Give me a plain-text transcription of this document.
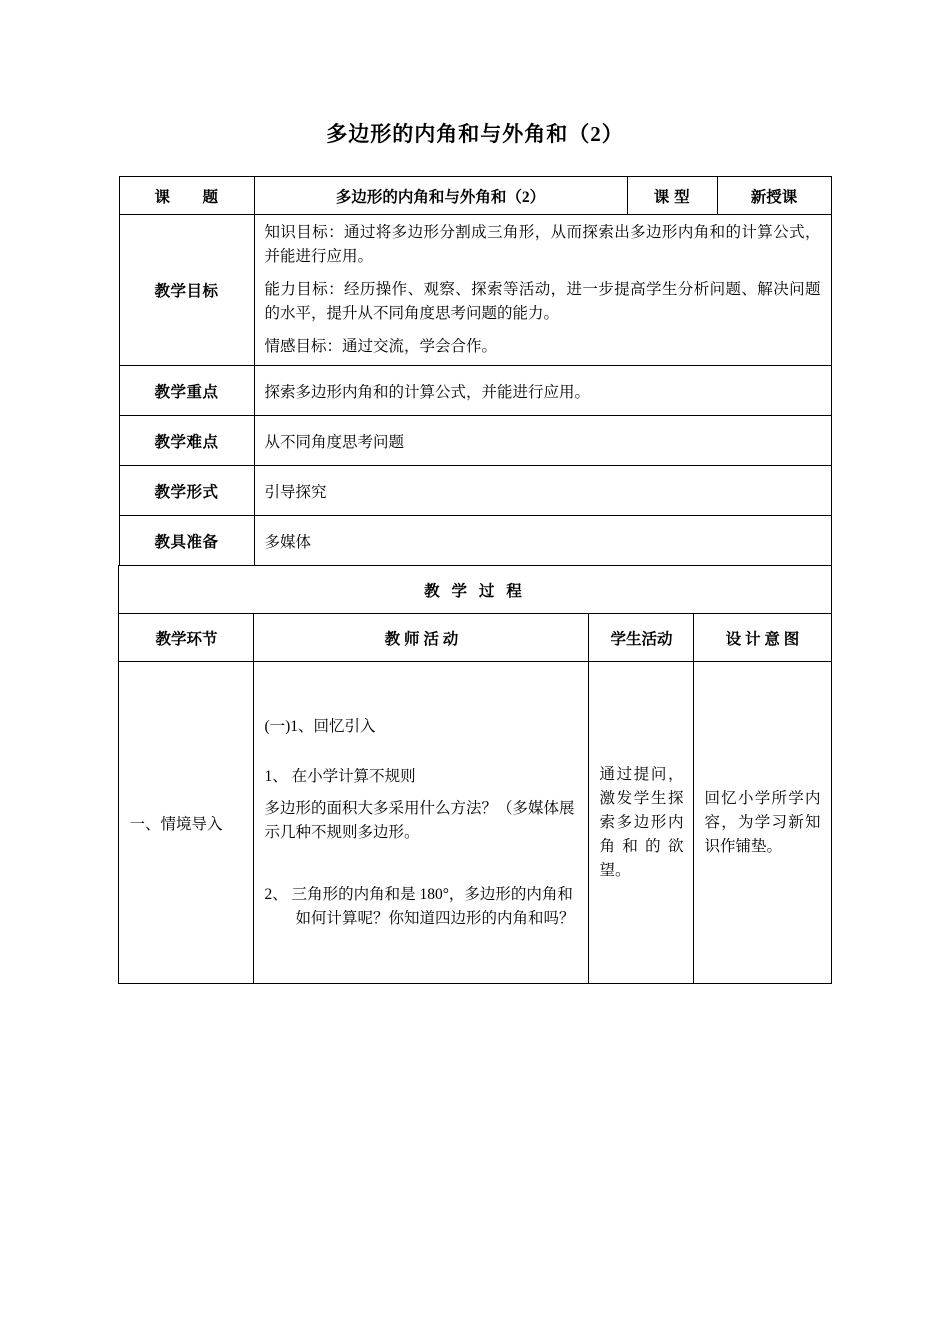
多边形的内角和与外角和（2）
课　　题	多边形的内角和与外角和（2）	课 型	新授课
教学目标	知识目标：通过将多边形分割成三角形，从而探索出多边形内角和的计算公式，并能进行应用。

能力目标：经历操作、观察、探索等活动，进一步提高学生分析问题、解决问题的水平，提升从不同角度思考问题的能力。

情感目标：通过交流，学会合作。

教学重点	探索多边形内角和的计算公式，并能进行应用。
教学难点	从不同角度思考问题
教学形式	引导探究
教具准备	多媒体
教 学 过 程			
教学环节	教 师 活 动	学生活动	设 计 意 图
一、情境导入	(一)1、回忆引入

1、 在小学计算不规则

多边形的面积大多采用什么方法？（多媒体展示几种不规则多边形。

2、 三角形的内角和是 180°，多边形的内角和如何计算呢？你知道四边形的内角和吗？	通过提问，激发学生探索多边形内角和的欲望。	回忆小学所学内容，为学习新知识作铺垫。
